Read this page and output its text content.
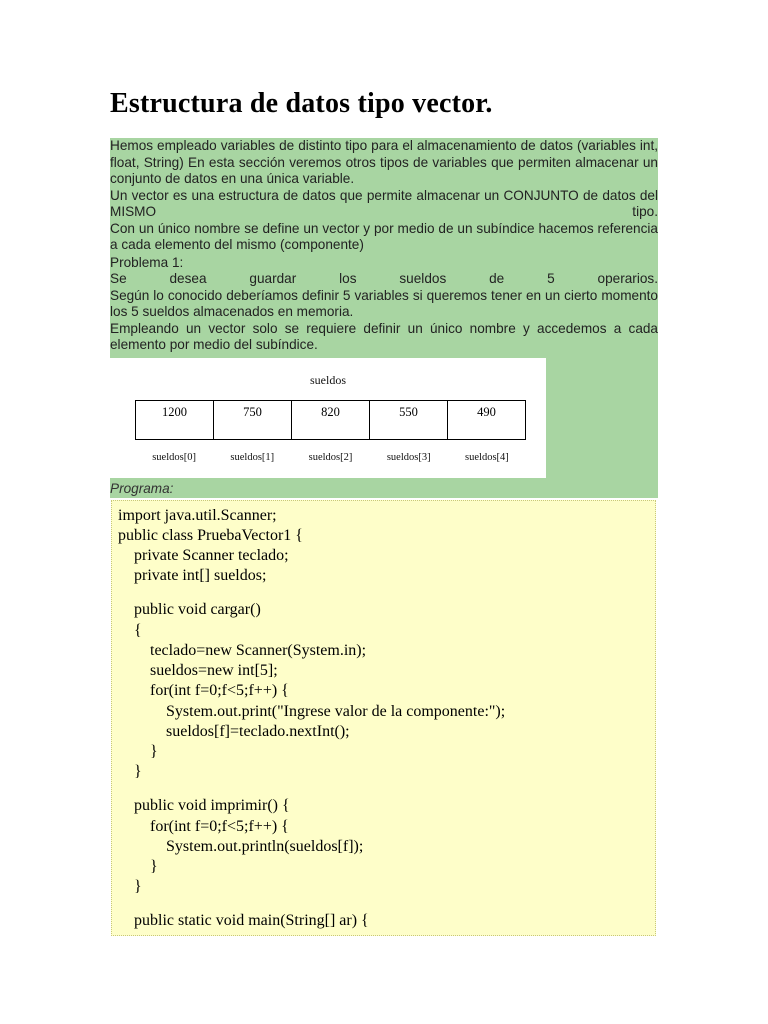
Estructura de datos tipo vector.

Hemos empleado variables de distinto tipo para el almacenamiento de datos (variables int, float, String) En esta sección veremos otros tipos de variables que permiten almacenar un conjunto de datos en una única variable.

Un vector es una estructura de datos que permite almacenar un CONJUNTO de datos del MISMO tipo.

Con un único nombre se define un vector y por medio de un subíndice hacemos referencia a cada elemento del mismo (componente)

Problema 1:

Se desea guardar los sueldos de 5 operarios.

Según lo conocido deberíamos definir 5 variables si queremos tener en un cierto momento los 5 sueldos almacenados en memoria.

Empleando un vector solo se requiere definir un único nombre y accedemos a cada elemento por medio del subíndice.

sueldos
1200	750	820	550	490
sueldos[0]	sueldos[1]	sueldos[2]	sueldos[3]	sueldos[4]
Programa:
import java.util.Scanner;
public class PruebaVector1 {
private Scanner teclado;
private int[] sueldos;
public void cargar()
{
teclado=new Scanner(System.in);
sueldos=new int[5];
for(int f=0;f<5;f++) {
System.out.print("Ingrese valor de la componente:");
sueldos[f]=teclado.nextInt();
}
}
public void imprimir() {
for(int f=0;f<5;f++) {
System.out.println(sueldos[f]);
}
}
public static void main(String[] ar) {
